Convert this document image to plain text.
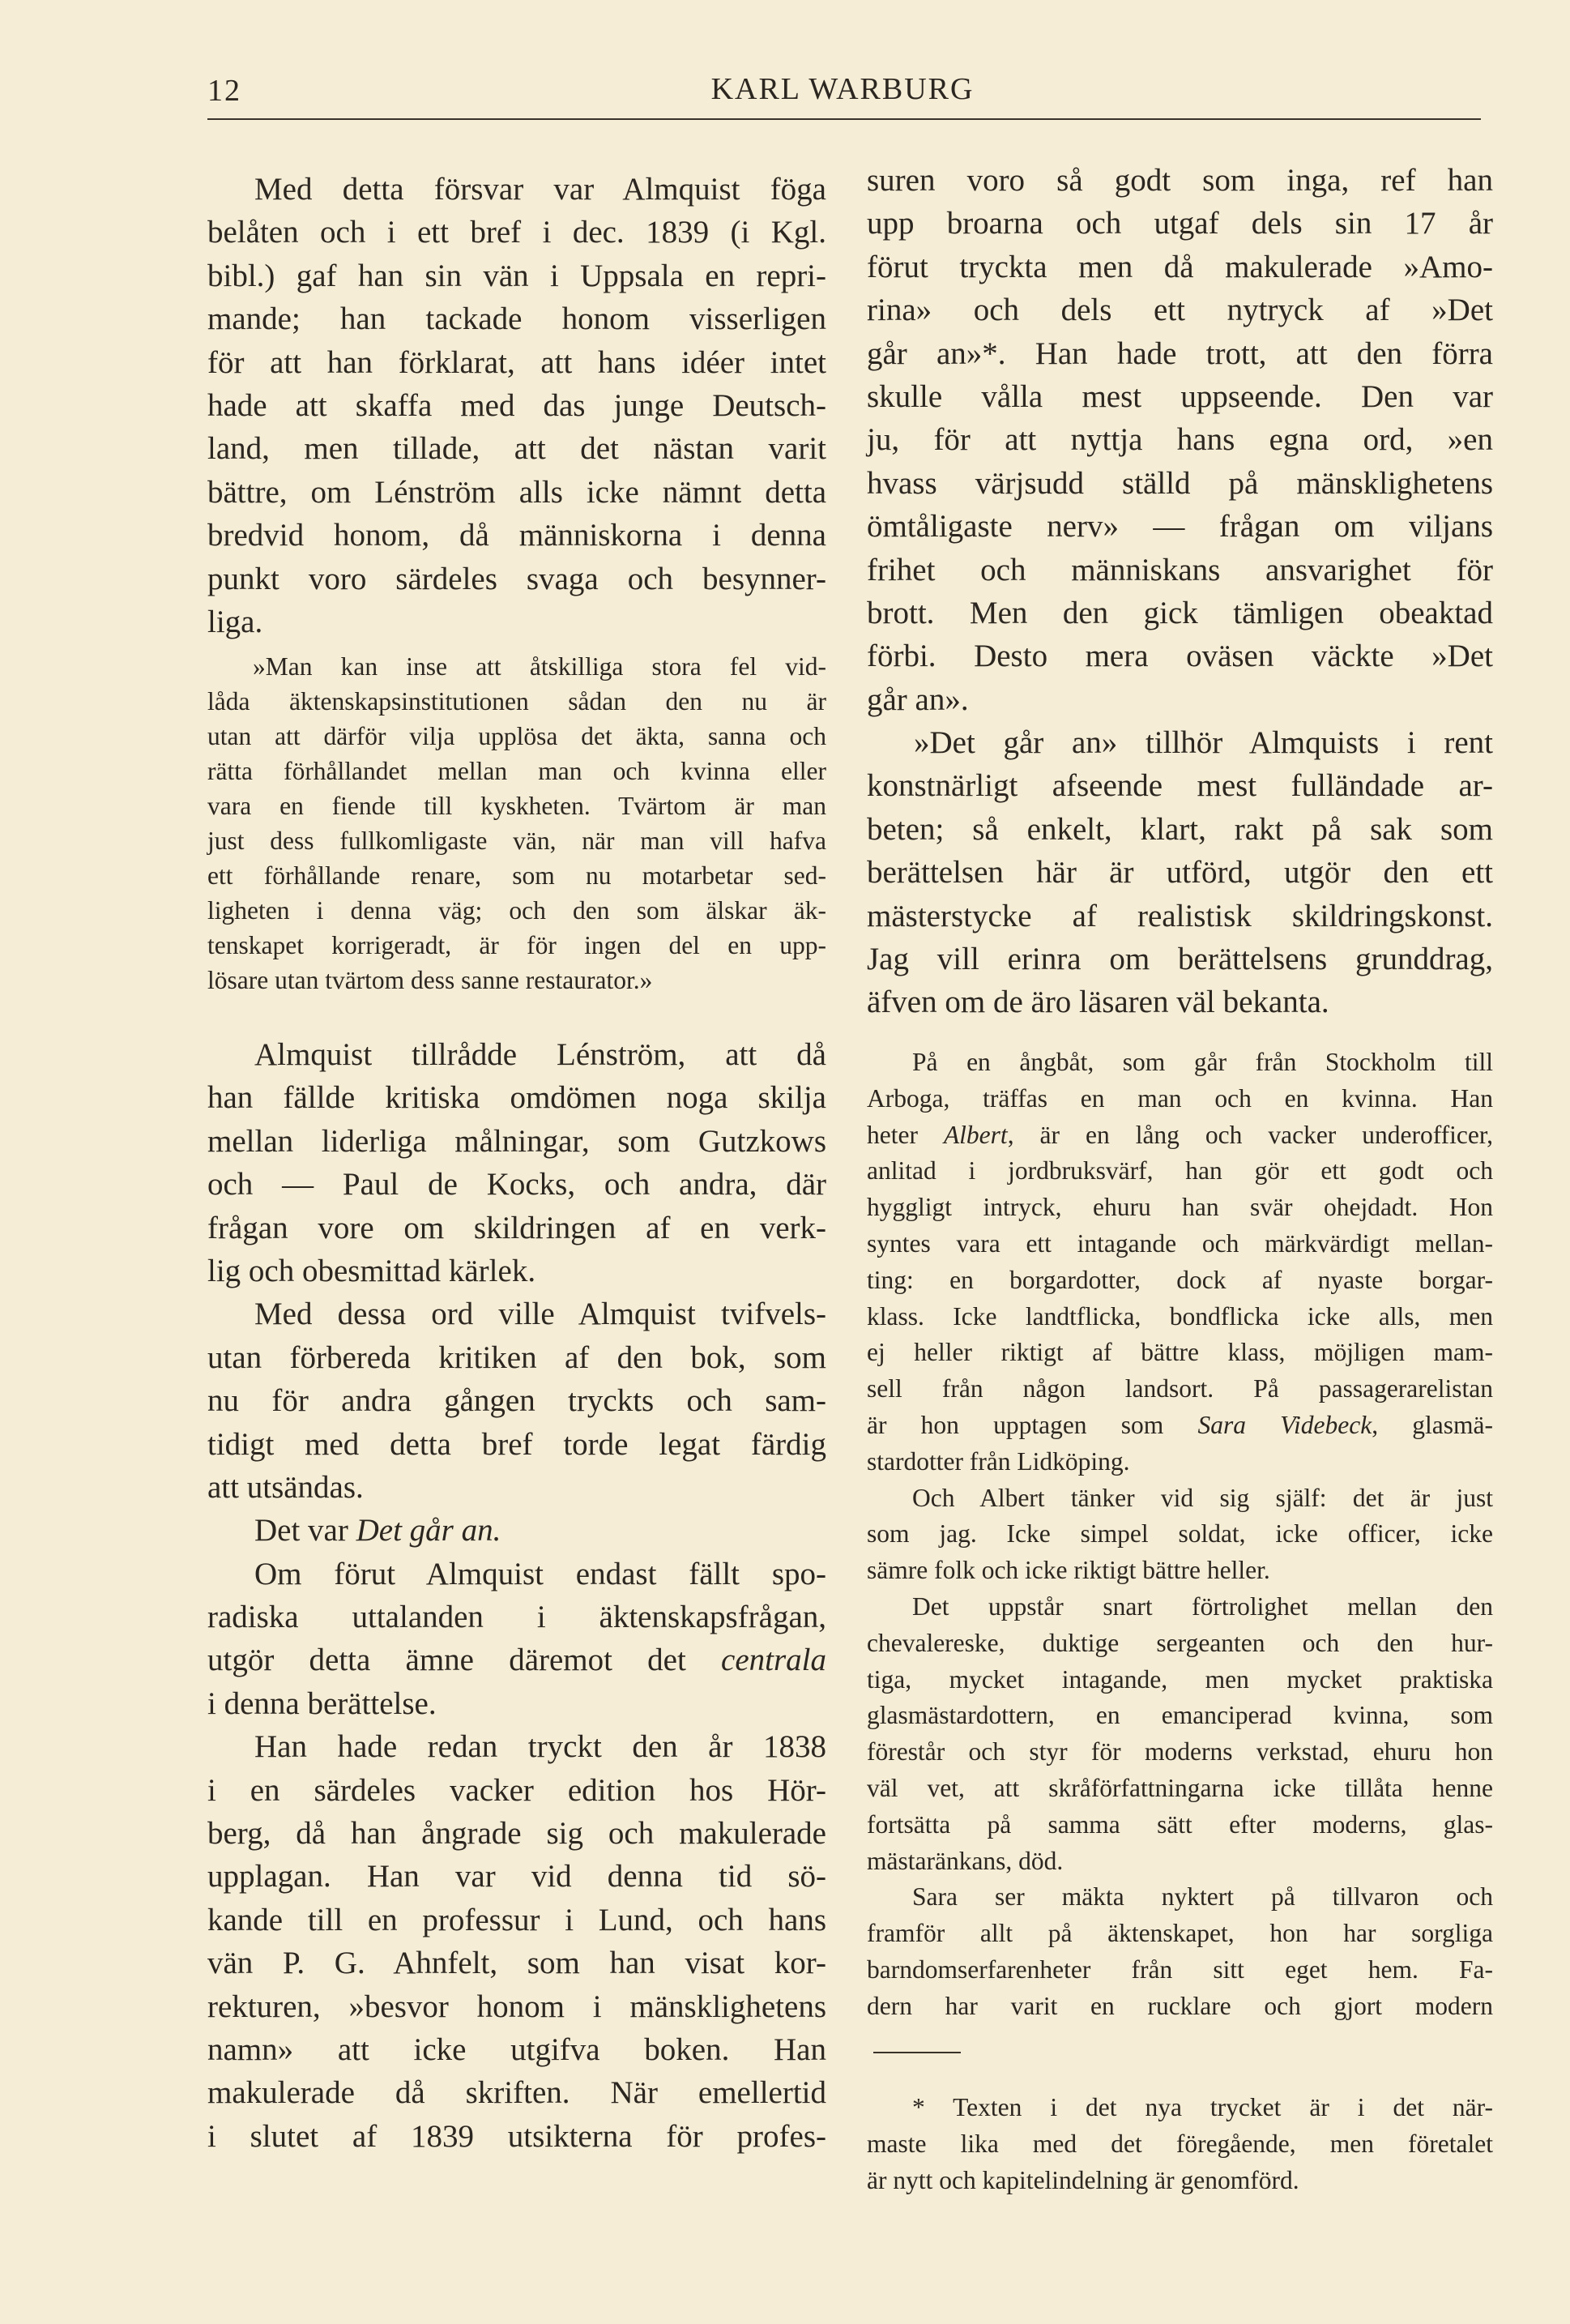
12	KARL WARBURG
Med detta försvar var Almquist föga
belåten och i ett bref i dec. 1839 (i Kgl.
bibl.) gaf han sin vän i Uppsala en repri-
mande; han tackade honom visserligen
för att han förklarat, att hans idéer intet
hade att skaffa med das junge Deutsch-
land, men tillade, att det nästan varit
bättre, om Lénström alls icke nämnt detta
bredvid honom, då människorna i denna
punkt voro särdeles svaga och besynner-
liga.
»Man kan inse att åtskilliga stora fel vid-
låda äktenskapsinstitutionen sådan den nu är
utan att därför vilja upplösa det äkta, sanna och
rätta förhållandet mellan man och kvinna eller
vara en fiende till kyskheten. Tvärtom är man
just dess fullkomligaste vän, när man vill hafva
ett förhållande renare, som nu motarbetar sed-
ligheten i denna väg; och den som älskar äk-
tenskapet korrigeradt, är för ingen del en upp-
lösare utan tvärtom dess sanne restaurator.»
Almquist tillrådde Lénström, att då
han fällde kritiska omdömen noga skilja
mellan liderliga målningar, som Gutzkows
och — Paul de Kocks, och andra, där
frågan vore om skildringen af en verk-
lig och obesmittad kärlek.
Med dessa ord ville Almquist tvifvels-
utan förbereda kritiken af den bok, som
nu för andra gången tryckts och sam-
tidigt med detta bref torde legat färdig
att utsändas.
Det var Det går an.
Om förut Almquist endast fällt spo-
radiska uttalanden i äktenskapsfrågan,
utgör detta ämne däremot det centrala
i denna berättelse.
Han hade redan tryckt den år 1838
i en särdeles vacker edition hos Hör-
berg, då han ångrade sig och makulerade
upplagan. Han var vid denna tid sö-
kande till en professur i Lund, och hans
vän P. G. Ahnfelt, som han visat kor-
rekturen, »besvor honom i mänsklighetens
namn» att icke utgifva boken. Han
makulerade då skriften. När emellertid
i slutet af 1839 utsikterna för profes-
suren voro så godt som inga, ref han
upp broarna och utgaf dels sin 17 år
förut tryckta men då makulerade »Amo-
rina» och dels ett nytryck af »Det
går an»*. Han hade trott, att den förra
skulle vålla mest uppseende. Den var
ju, för att nyttja hans egna ord, »en
hvass värjsudd ställd på mänsklighetens
ömtåligaste nerv» — frågan om viljans
frihet och människans ansvarighet för
brott. Men den gick tämligen obeaktad
förbi. Desto mera oväsen väckte »Det
går an».
»Det går an» tillhör Almquists i rent
konstnärligt afseende mest fulländade ar-
beten; så enkelt, klart, rakt på sak som
berättelsen här är utförd, utgör den ett
mästerstycke af realistisk skildringskonst.
Jag vill erinra om berättelsens grunddrag,
äfven om de äro läsaren väl bekanta.
På en ångbåt, som går från Stockholm till
Arboga, träffas en man och en kvinna. Han
heter Albert, är en lång och vacker underofficer,
anlitad i jordbruksvärf, han gör ett godt och
hyggligt intryck, ehuru han svär ohejdadt. Hon
syntes vara ett intagande och märkvärdigt mellan-
ting: en borgardotter, dock af nyaste borgar-
klass. Icke landtflicka, bondflicka icke alls, men
ej heller riktigt af bättre klass, möjligen mam-
sell från någon landsort. På passagerarelistan
är hon upptagen som Sara Videbeck, glasmä-
stardotter från Lidköping.
Och Albert tänker vid sig själf: det är just
som jag. Icke simpel soldat, icke officer, icke
sämre folk och icke riktigt bättre heller.
Det uppstår snart förtrolighet mellan den
chevalereske, duktige sergeanten och den hur-
tiga, mycket intagande, men mycket praktiska
glasmästardottern, en emanciperad kvinna, som
förestår och styr för moderns verkstad, ehuru hon
väl vet, att skråförfattningarna icke tillåta henne
fortsätta på samma sätt efter moderns, glas-
mästaränkans, död.
Sara ser mäkta nyktert på tillvaron och
framför allt på äktenskapet, hon har sorgliga
barndomserfarenheter från sitt eget hem. Fa-
dern har varit en rucklare och gjort modern
* Texten i det nya trycket är i det när-
maste lika med det föregående, men företalet
är nytt och kapitelindelning är genomförd.
